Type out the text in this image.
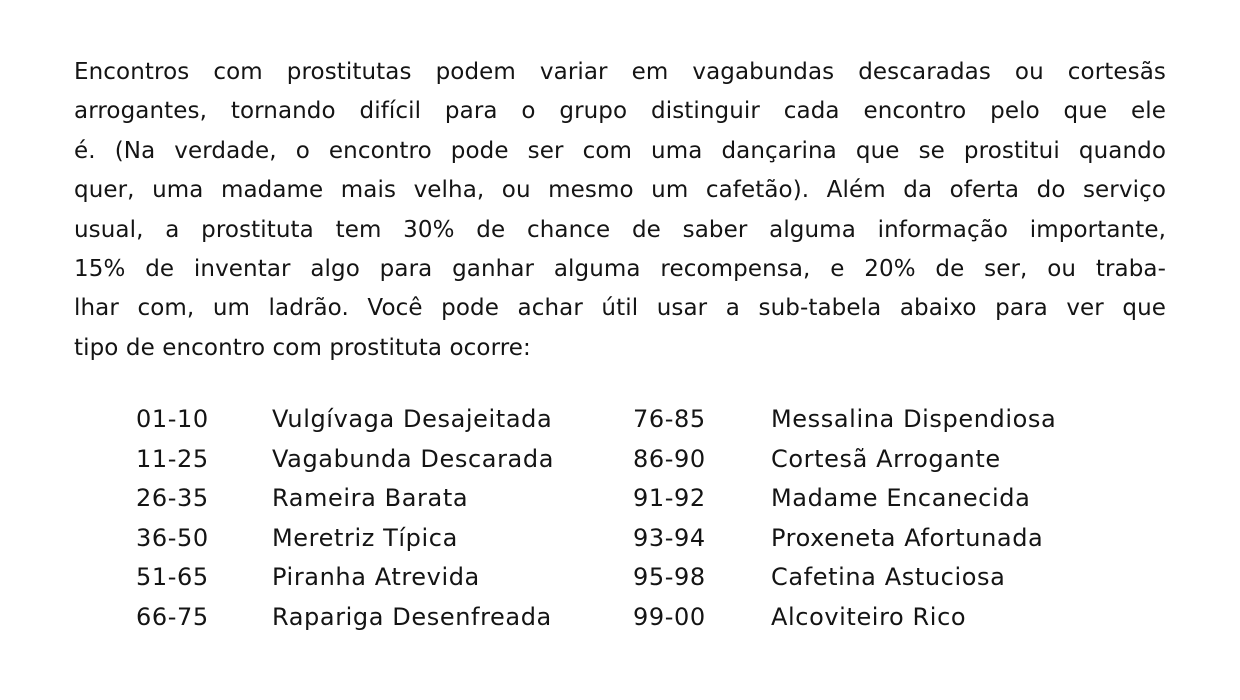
Encontros com prostitutas podem variar em vagabundas descaradas ou cortesãs
arrogantes, tornando difícil para o grupo distinguir cada encontro pelo que ele
é. (Na verdade, o encontro pode ser com uma dançarina que se prostitui quando
quer, uma madame mais velha, ou mesmo um cafetão). Além da oferta do serviço
usual, a prostituta tem 30% de chance de saber alguma informação importante,
15% de inventar algo para ganhar alguma recompensa, e 20% de ser, ou traba-
lhar com, um ladrão. Você pode achar útil usar a sub-tabela abaixo para ver que
tipo de encontro com prostituta ocorre:
01-10	Vulgívaga Desajeitada	76-85	Messalina Dispendiosa
11-25	Vagabunda Descarada	86-90	Cortesã Arrogante
26-35	Rameira Barata	91-92	Madame Encanecida
36-50	Meretriz Típica	93-94	Proxeneta Afortunada
51-65	Piranha Atrevida	95-98	Cafetina Astuciosa
66-75	Rapariga Desenfreada	99-00	Alcoviteiro Rico
